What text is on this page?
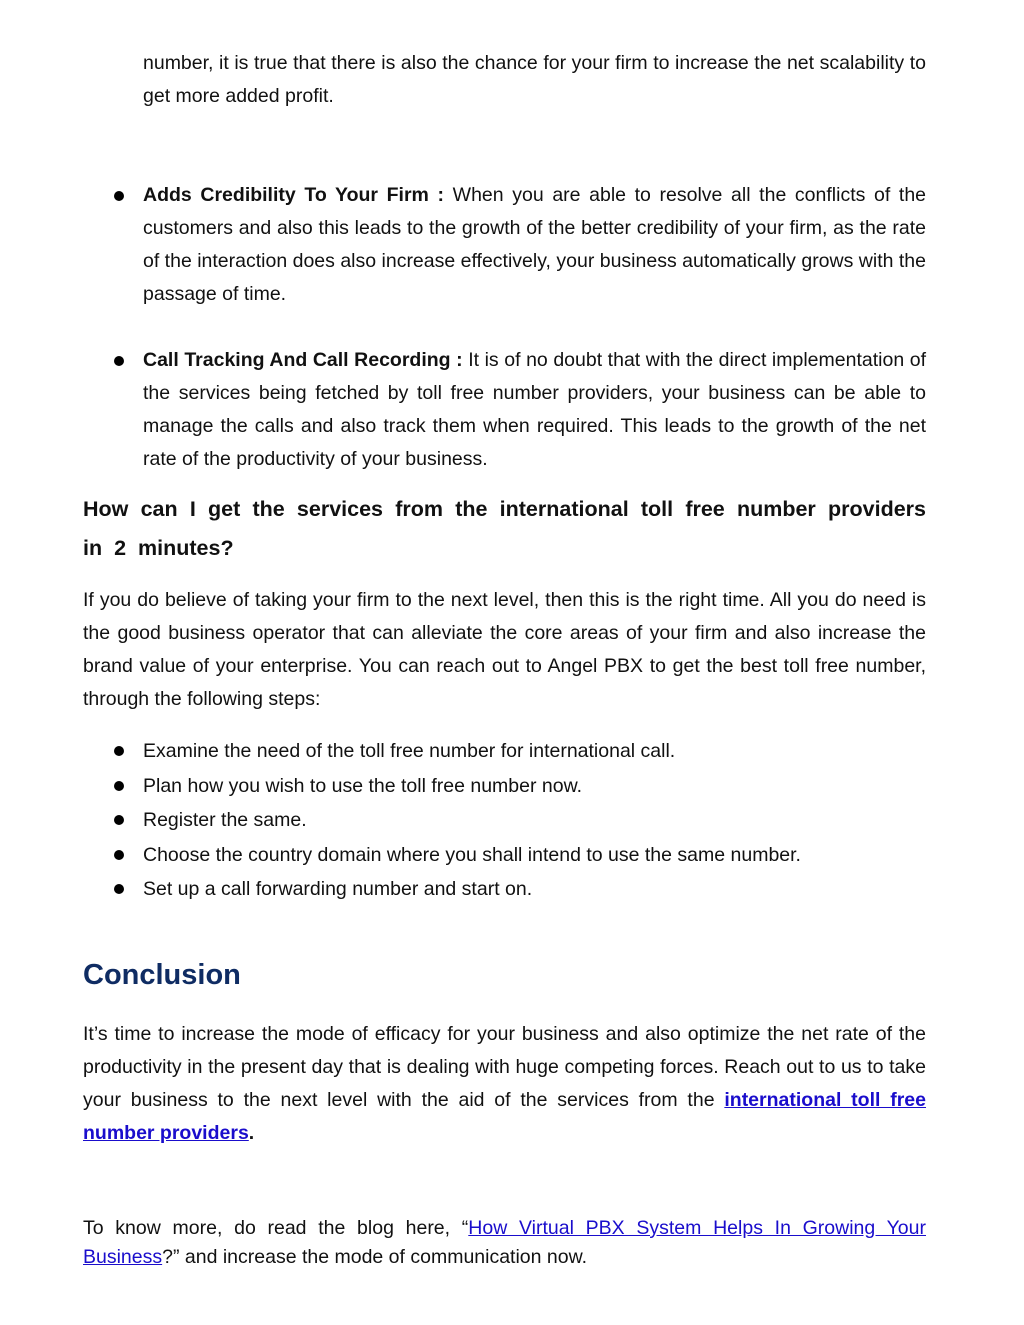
number, it is true that there is also the chance for your firm to increase the net scalability to get more added profit.
Adds Credibility To Your Firm : When you are able to resolve all the conflicts of the customers and also this leads to the growth of the better credibility of your firm, as the rate of the interaction does also increase effectively, your business automatically grows with the passage of time.
Call Tracking And Call Recording : It is of no doubt that with the direct implementation of the services being fetched by toll free number providers, your business can be able to manage the calls and also track them when required. This leads to the growth of the net rate of the productivity of your business.
How can I get the services from the international toll free number providers in 2 minutes?
If you do believe of taking your firm to the next level, then this is the right time. All you do need is the good business operator that can alleviate the core areas of your firm and also increase the brand value of your enterprise. You can reach out to Angel PBX to get the best toll free number, through the following steps:
Examine the need of the toll free number for international call.
Plan how you wish to use the toll free number now.
Register the same.
Choose the country domain where you shall intend to use the same number.
Set up a call forwarding number and start on.
Conclusion
It’s time to increase the mode of efficacy for your business and also optimize the net rate of the productivity in the present day that is dealing with huge competing forces. Reach out to us to take your business to the next level with the aid of the services from the international toll free number providers.
To know more, do read the blog here, “How Virtual PBX System Helps In Growing Your Business?” and increase the mode of communication now.
